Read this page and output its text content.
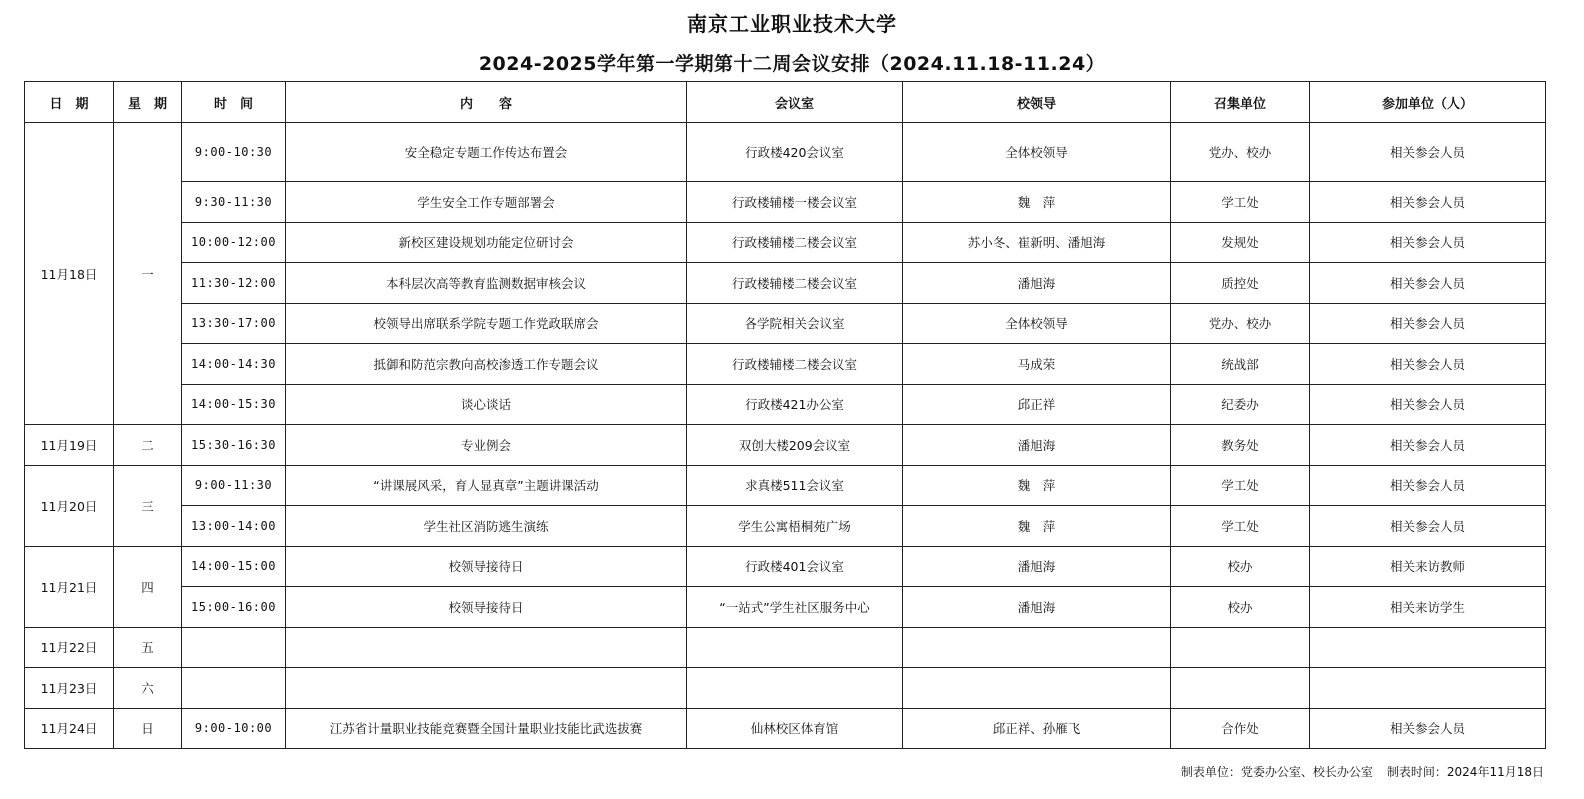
南京工业职业技术大学
2024-2025学年第一学期第十二周会议安排（2024.11.18-11.24）
日　期	星　期	时　间	内　　容	会议室	校领导	召集单位	参加单位（人）
11月18日	一	9:00-10:30	安全稳定专题工作传达布置会	行政楼420会议室	全体校领导	党办、校办	相关参会人员
		9:30-11:30	学生安全工作专题部署会	行政楼辅楼一楼会议室	魏　萍	学工处	相关参会人员
		10:00-12:00	新校区建设规划功能定位研讨会	行政楼辅楼二楼会议室	苏小冬、崔新明、潘旭海	发规处	相关参会人员
		11:30-12:00	本科层次高等教育监测数据审核会议	行政楼辅楼二楼会议室	潘旭海	质控处	相关参会人员
		13:30-17:00	校领导出席联系学院专题工作党政联席会	各学院相关会议室	全体校领导	党办、校办	相关参会人员
		14:00-14:30	抵御和防范宗教向高校渗透工作专题会议	行政楼辅楼二楼会议室	马成荣	统战部	相关参会人员
		14:00-15:30	谈心谈话	行政楼421办公室	邱正祥	纪委办	相关参会人员
11月19日	二	15:30-16:30	专业例会	双创大楼209会议室	潘旭海	教务处	相关参会人员
11月20日	三	9:00-11:30	“讲课展风采，育人显真章”主题讲课活动	求真楼511会议室	魏　萍	学工处	相关参会人员
		13:00-14:00	学生社区消防逃生演练	学生公寓梧桐苑广场	魏　萍	学工处	相关参会人员
11月21日	四	14:00-15:00	校领导接待日	行政楼401会议室	潘旭海	校办	相关来访教师
		15:00-16:00	校领导接待日	“一站式”学生社区服务中心	潘旭海	校办	相关来访学生
11月22日	五						
11月23日	六						
11月24日	日	9:00-10:00	江苏省计量职业技能竞赛暨全国计量职业技能比武选拔赛	仙林校区体育馆	邱正祥、孙雁飞	合作处	相关参会人员
制表单位：党委办公室、校长办公室 制表时间：2024年11月18日
